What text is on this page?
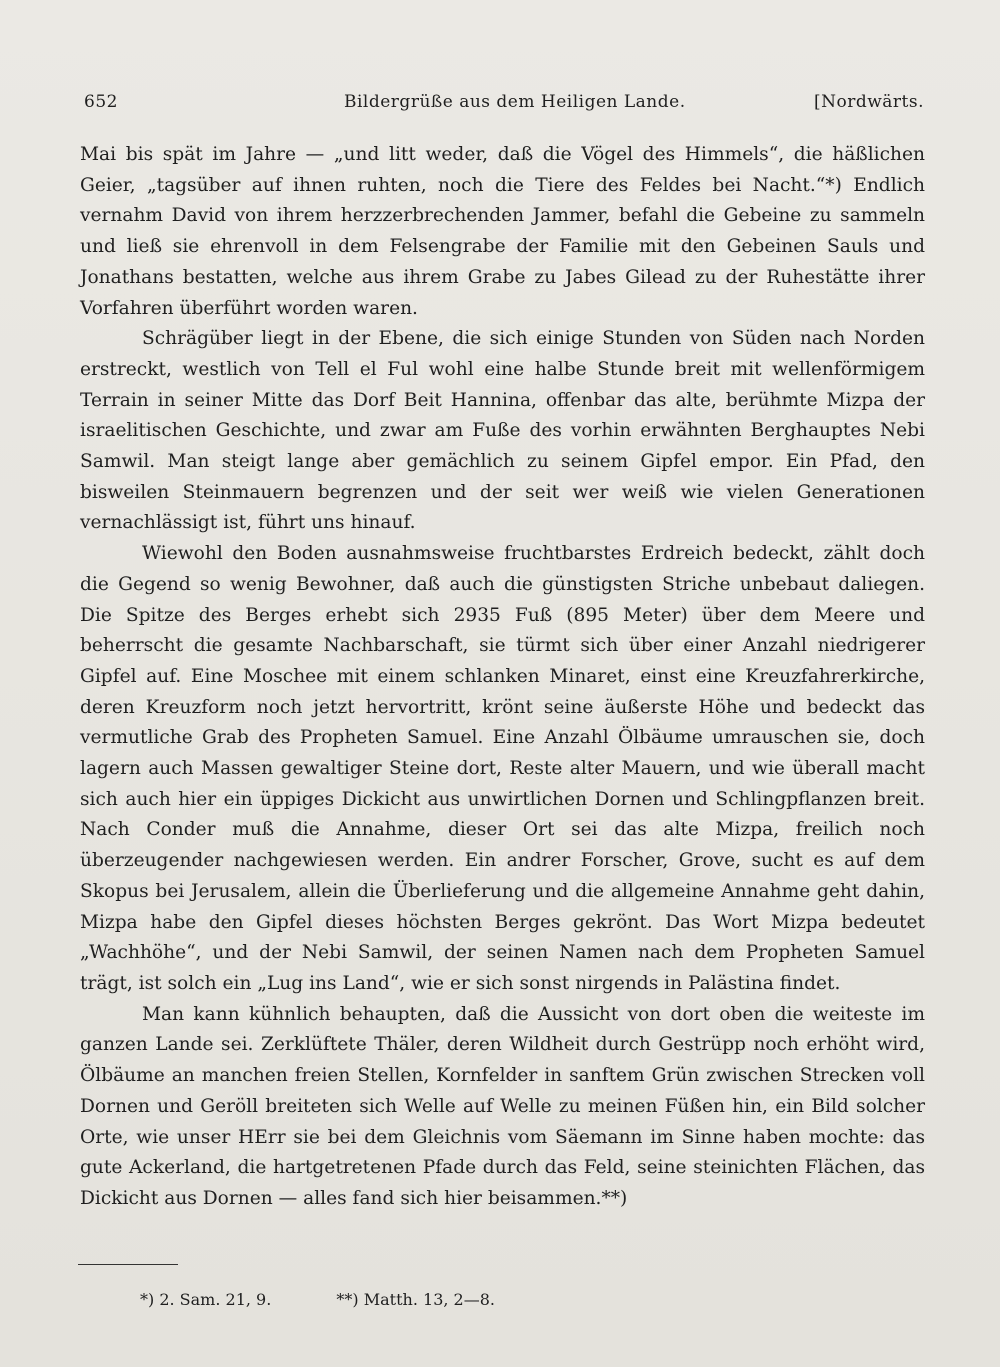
652	Bildergrüße aus dem Heiligen Lande.	[Nordwärts.

Mai bis spät im Jahre — „und litt weder, daß die Vögel des Himmels“, die häßlichen Geier, „tagsüber auf ihnen ruhten, noch die Tiere des Feldes bei Nacht.“*) Endlich vernahm David von ihrem herzzerbrechenden Jammer, befahl die Gebeine zu sammeln und ließ sie ehrenvoll in dem Felsengrabe der Familie mit den Gebeinen Sauls und Jonathans bestatten, welche aus ihrem Grabe zu Jabes Gilead zu der Ruhestätte ihrer Vorfahren überführt worden waren.

Schrägüber liegt in der Ebene, die sich einige Stunden von Süden nach Norden erstreckt, westlich von Tell el Ful wohl eine halbe Stunde breit mit wellenförmigem Terrain in seiner Mitte das Dorf Beit Hannina, offenbar das alte, berühmte Mizpa der israelitischen Geschichte, und zwar am Fuße des vorhin erwähnten Berghauptes Nebi Samwil. Man steigt lange aber gemächlich zu seinem Gipfel empor. Ein Pfad, den bisweilen Steinmauern begrenzen und der seit wer weiß wie vielen Generationen vernachlässigt ist, führt uns hinauf.

Wiewohl den Boden ausnahmsweise fruchtbarstes Erdreich bedeckt, zählt doch die Gegend so wenig Bewohner, daß auch die günstigsten Striche unbebaut daliegen. Die Spitze des Berges erhebt sich 2935 Fuß (895 Meter) über dem Meere und beherrscht die gesamte Nachbarschaft, sie türmt sich über einer Anzahl niedrigerer Gipfel auf. Eine Moschee mit einem schlanken Minaret, einst eine Kreuzfahrerkirche, deren Kreuzform noch jetzt hervortritt, krönt seine äußerste Höhe und bedeckt das vermutliche Grab des Propheten Samuel. Eine Anzahl Ölbäume umrauschen sie, doch lagern auch Massen gewaltiger Steine dort, Reste alter Mauern, und wie überall macht sich auch hier ein üppiges Dickicht aus unwirtlichen Dornen und Schlingpflanzen breit. Nach Conder muß die Annahme, dieser Ort sei das alte Mizpa, freilich noch überzeugender nachgewiesen werden. Ein andrer Forscher, Grove, sucht es auf dem Skopus bei Jerusalem, allein die Überlieferung und die allgemeine Annahme geht dahin, Mizpa habe den Gipfel dieses höchsten Berges gekrönt. Das Wort Mizpa bedeutet „Wachhöhe“, und der Nebi Samwil, der seinen Namen nach dem Propheten Samuel trägt, ist solch ein „Lug ins Land“, wie er sich sonst nirgends in Palästina findet.

Man kann kühnlich behaupten, daß die Aussicht von dort oben die weiteste im ganzen Lande sei. Zerklüftete Thäler, deren Wildheit durch Gestrüpp noch erhöht wird, Ölbäume an manchen freien Stellen, Kornfelder in sanftem Grün zwischen Strecken voll Dornen und Geröll breiteten sich Welle auf Welle zu meinen Füßen hin, ein Bild solcher Orte, wie unser HErr sie bei dem Gleichnis vom Säemann im Sinne haben mochte: das gute Ackerland, die hartgetretenen Pfade durch das Feld, seine steinichten Flächen, das Dickicht aus Dornen — alles fand sich hier beisammen.**)

*) 2. Sam. 21, 9.	**) Matth. 13, 2—8.
